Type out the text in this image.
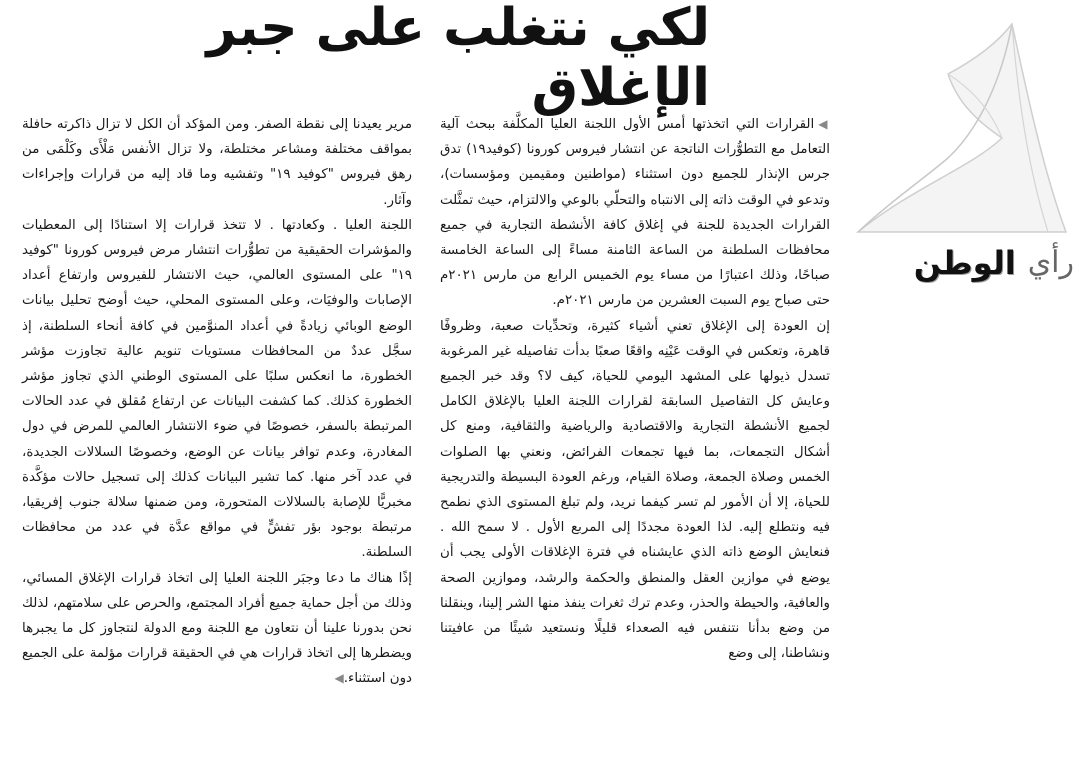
لكي نتغلب على جبر الإغلاق
رأي
الوطن

◀القرارات التي اتخذتها أمس الأول اللجنة العليا المكلَّفة ببحث آلية التعامل مع التطوُّرات الناتجة عن انتشار فيروس كورونا (كوفيد١٩) تدق جرس الإنذار للجميع دون استثناء (مواطنين ومقيمين ومؤسسات)، وتدعو في الوقت ذاته إلى الانتباه والتحلّي بالوعي والالتزام، حيث تمثَّلت القرارات الجديدة للجنة في إغلاق كافة الأنشطة التجارية في جميع محافظات السلطنة من الساعة الثامنة مساءً إلى الساعة الخامسة صباحًا، وذلك اعتبارًا من مساء يوم الخميس الرابع من مارس ٢٠٢١م حتى صباح يوم السبت العشرين من مارس ٢٠٢١م.

إن العودة إلى الإغلاق تعني أشياء كثيرة، وتحدِّيات صعبة، وظروفًا قاهرة، وتعكس في الوقت عَيْنِه واقعًا صعبًا بدأت تفاصيله غير المرغوبة تسدل ذيولها على المشهد اليومي للحياة، كيف لا؟ وقد خبر الجميع وعايش كل التفاصيل السابقة لقرارات اللجنة العليا بالإغلاق الكامل لجميع الأنشطة التجارية والاقتصادية والرياضية والثقافية، ومنع كل أشكال التجمعات، بما فيها تجمعات الفرائض، ونعني بها الصلوات الخمس وصلاة الجمعة، وصلاة القيام، ورغم العودة البسيطة والتدريجية للحياة، إلا أن الأمور لم تسر كيفما نريد، ولم تبلغ المستوى الذي نطمح فيه ونتطلع إليه. لذا العودة مجددًا إلى المربع الأول . لا سمح الله . فنعايش الوضع ذاته الذي عايشناه في فترة الإغلاقات الأولى يجب أن يوضع في موازين العقل والمنطق والحكمة والرشد، وموازين الصحة والعافية، والحيطة والحذر، وعدم ترك ثغرات ينفذ منها الشر إلينا، وينقلنا من وضع بدأنا نتنفس فيه الصعداء قليلًا ونستعيد شيئًا من عافيتنا ونشاطنا، إلى وضع

مرير يعيدنا إلى نقطة الصفر. ومن المؤكد أن الكل لا تزال ذاكرته حافلة بمواقف مختلفة ومشاعر مختلطة، ولا تزال الأنفس مَلْأَى وكَلْمَى من رهق فيروس "كوفيد ١٩" وتفشيه وما قاد إليه من قرارات وإجراءات وآثار.

اللجنة العليا . وكعادتها . لا تتخذ قرارات إلا استنادًا إلى المعطيات والمؤشرات الحقيقية من تطوُّرات انتشار مرض فيروس كورونا "كوفيد ١٩" على المستوى العالمي، حيث الانتشار للفيروس وارتفاع أعداد الإصابات والوفيَات، وعلى المستوى المحلي، حيث أوضح تحليل بيانات الوضع الوبائي زيادةً في أعداد المنوَّمين في كافة أنحاء السلطنة، إذ سجَّل عددٌ من المحافظات مستويات تنويم عالية تجاوزت مؤشر الخطورة، ما انعكس سلبًا على المستوى الوطني الذي تجاوز مؤشر الخطورة كذلك. كما كشفت البيانات عن ارتفاع مُقلق في عدد الحالات المرتبطة بالسفر، خصوصًا في ضوء الانتشار العالمي للمرض في دول المغادرة، وعدم توافر بيانات عن الوضع، وخصوصًا السلالات الجديدة، في عدد آخر منها. كما تشير البيانات كذلك إلى تسجيل حالات مؤكَّدة مخبريًّا للإصابة بالسلالات المتحورة، ومن ضمنها سلالة جنوب إفريقيا، مرتبطة بوجود بؤر تفشٍّ في مواقع عدَّة في عدد من محافظات السلطنة.

إذًا هناك ما دعا وجبَر اللجنة العليا إلى اتخاذ قرارات الإغلاق المسائي، وذلك من أجل حماية جميع أفراد المجتمع، والحرص على سلامتهم، لذلك نحن بدورنا علينا أن نتعاون مع اللجنة ومع الدولة لنتجاوز كل ما يجبرها ويضطرها إلى اتخاذ قرارات هي في الحقيقة قرارات مؤلمة على الجميع دون استثناء.◀
